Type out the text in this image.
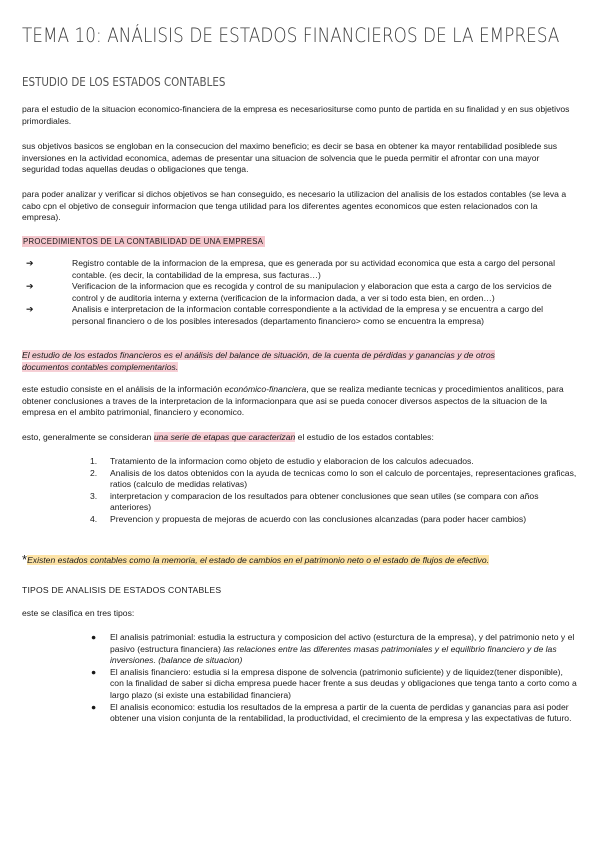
TEMA 10: ANÁLISIS DE ESTADOS FINANCIEROS DE LA EMPRESA
ESTUDIO DE LOS ESTADOS CONTABLES

para el estudio de la situacion economico-financiera de la empresa es necesariositurse como punto de partida en su finalidad y en sus objetivos primordiales.

sus objetivos basicos se engloban en la consecucion del maximo beneficio; es decir se basa en obtener ka mayor rentabilidad posiblede sus inversiones en la actividad economica, ademas de presentar una situacion de solvencia que le pueda permitir el afrontar con una mayor seguridad todas aquellas deudas o obligaciones que tenga.

para poder analizar y verificar si dichos objetivos se han conseguido, es necesario la utilizacion del analisis de los estados contables (se leva a cabo cpn el objetivo de conseguir informacion que tenga utilidad para los diferentes agentes economicos que esten relacionados con la empresa).

PROCEDIMIENTOS DE LA CONTABILIDAD DE UNA EMPRESA
➔	Registro contable de la informacion de la empresa, que es generada por su actividad economica que esta a cargo del personal contable. (es decir, la contabilidad de la empresa, sus facturas…)
➔	Verificacion de la informacion que es recogida y control de su manipulacion y elaboracion que esta a cargo de los servicios de control y de auditoria interna y externa (verificacion de la informacion dada, a ver si todo esta bien, en orden…)
➔	Analisis e interpretacion de la informacion contable correspondiente a la actividad de la empresa y se encuentra a cargo del personal financiero o de los posibles interesados (departamento financiero> como se encuentra la empresa)

El estudio de los estados financieros es el análisis del balance de situación, de la cuenta de pérdidas y ganancias y de otros documentos contables complementarios.

este estudio consiste en el análisis de la información económico-financiera, que se realiza mediante tecnicas y procedimientos analiticos, para obtener conclusiones a traves de la interpretacion de la informacionpara que asi se pueda conocer diversos aspectos de la situacion de la empresa en el ambito patrimonial, financiero y economico.

esto, generalmente se consideran una serie de etapas que caracterizan el estudio de los estados contables:

1. Tratamiento de la informacion como objeto de estudio y elaboracion de los calculos adecuados.
2. Analisis de los datos obtenidos con la ayuda de tecnicas como lo son el calculo de porcentajes, representaciones graficas, ratios (calculo de medidas relativas)
3. interpretacion y comparacion de los resultados para obtener conclusiones que sean utiles (se compara con años anteriores)
4. Prevencion y propuesta de mejoras de acuerdo con las conclusiones alcanzadas (para poder hacer cambios)
*Existen estados contables como la memoria, el estado de cambios en el patrimonio neto o el estado de flujos de efectivo.
TIPOS DE ANALISIS DE ESTADOS CONTABLES

este se clasifica en tres tipos:

● El analisis patrimonial: estudia la estructura y composicion del activo (esturctura de la empresa), y del patrimonio neto y el pasivo (estructura financiera) las relaciones entre las diferentes masas patrimoniales y el equilibrio financiero y de las inversiones. (balance de situacion)
● El analisis financiero: estudia si la empresa dispone de solvencia (patrimonio suficiente) y de liquidez(tener disponible), con la finalidad de saber si dicha empresa puede hacer frente a sus deudas y obligaciones que tenga tanto a corto como a largo plazo (si existe una estabilidad financiera)
● El analisis economico: estudia los resultados de la empresa a partir de la cuenta de perdidas y ganancias para asi poder obtener una vision conjunta de la rentabilidad, la productividad, el crecimiento de la empresa y las expectativas de futuro.
